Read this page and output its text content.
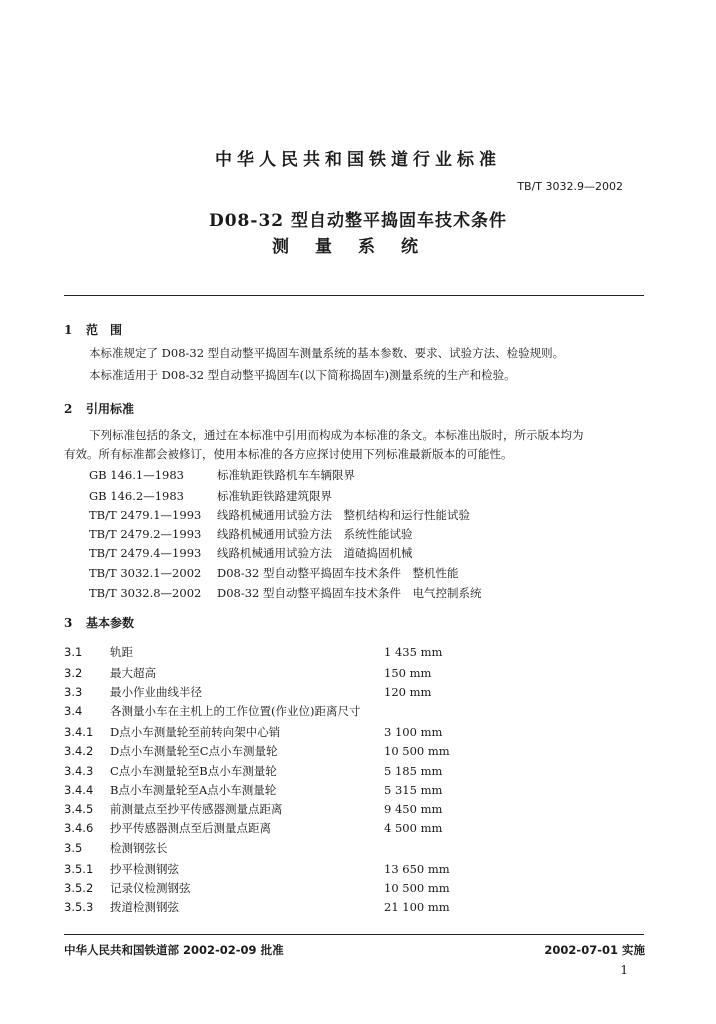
中华人民共和国铁道行业标准
TB/T 3032.9—2002
D08-32 型自动整平捣固车技术条件
测量系统
1 范　围
本标准规定了 D08-32 型自动整平捣固车测量系统的基本参数、要求、试验方法、检验规则。
本标准适用于 D08-32 型自动整平捣固车(以下简称捣固车)测量系统的生产和检验。
2 引用标准
下列标准包括的条文，通过在本标准中引用而构成为本标准的条文。本标准出版时，所示版本均为
有效。所有标准都会被修订，使用本标准的各方应探讨使用下列标准最新版本的可能性。
GB 146.1—1983	标准轨距铁路机车车辆限界
GB 146.2—1983	标准轨距铁路建筑限界
TB/T 2479.1—1993 线路机械通用试验方法　整机结构和运行性能试验
TB/T 2479.2—1993 线路机械通用试验方法　系统性能试验
TB/T 2479.4—1993 线路机械通用试验方法　道碴捣固机械
TB/T 3032.1—2002 D08-32 型自动整平捣固车技术条件　整机性能
TB/T 3032.8—2002 D08-32 型自动整平捣固车技术条件　电气控制系统
3 基本参数
3.1 轨距	1 435 mm
3.2 最大超高	150 mm
3.3 最小作业曲线半径	120 mm
3.4 各测量小车在主机上的工作位置(作业位)距离尺寸
3.4.1 D点小车测量轮至前转向架中心销	3 100 mm
3.4.2 D点小车测量轮至C点小车测量轮	10 500 mm
3.4.3 C点小车测量轮至B点小车测量轮	5 185 mm
3.4.4 B点小车测量轮至A点小车测量轮	5 315 mm
3.4.5 前测量点至抄平传感器测量点距离	9 450 mm
3.4.6 抄平传感器测点至后测量点距离	4 500 mm
3.5 检测钢弦长
3.5.1 抄平检测钢弦	13 650 mm
3.5.2 记录仪检测钢弦	10 500 mm
3.5.3 拨道检测钢弦	21 100 mm
中华人民共和国铁道部 2002-02-09 批准	2002-07-01 实施
1
